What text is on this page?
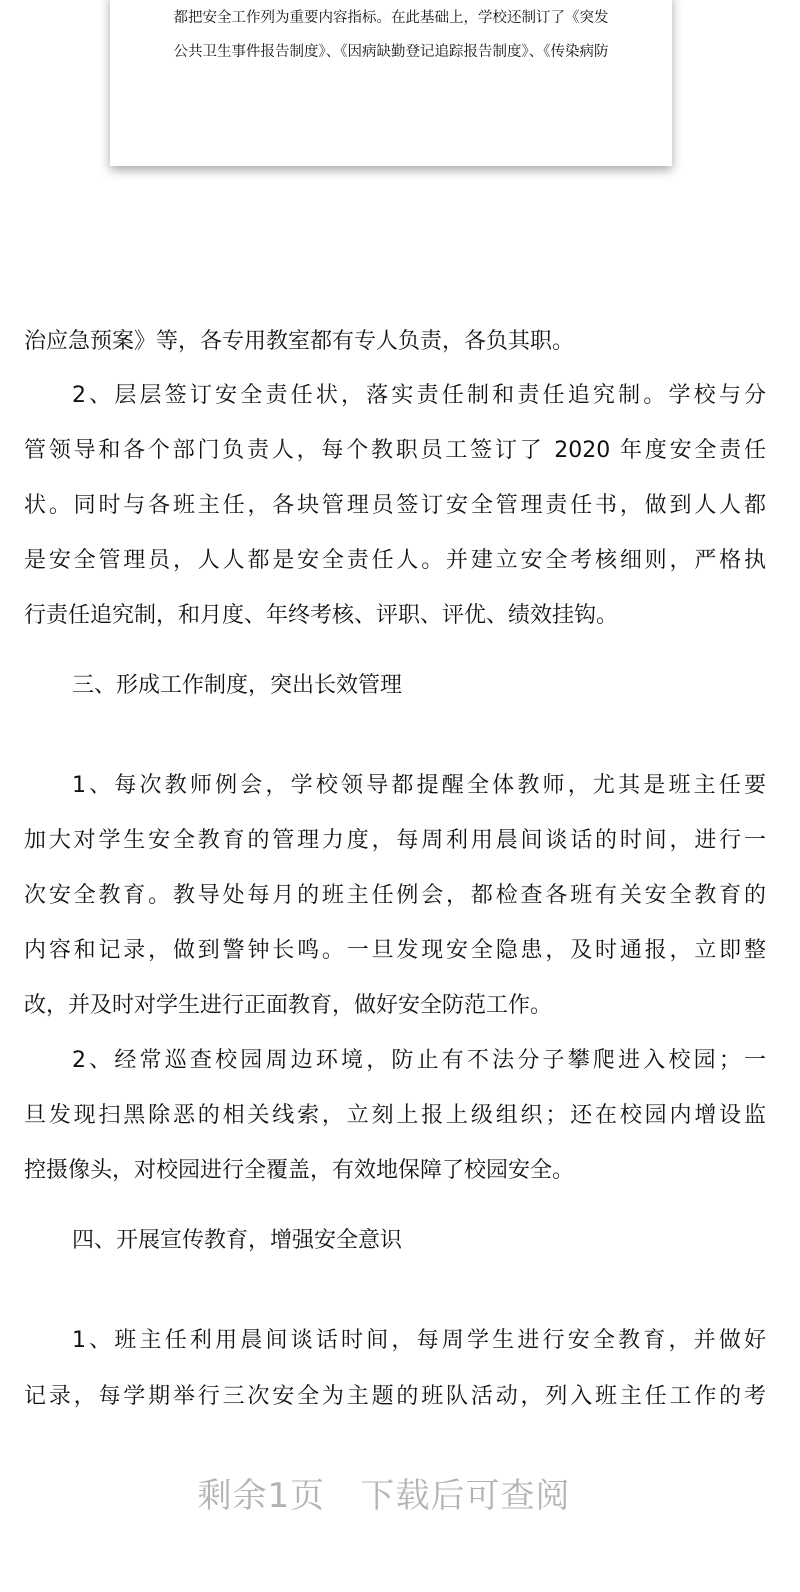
都把安全工作列为重要内容指标。在此基础上，学校还制订了《突发
公共卫生事件报告制度》、《因病缺勤登记追踪报告制度》、《传染病防
治应急预案》等，各专用教室都有专人负责，各负其职。
2、层层签订安全责任状，落实责任制和责任追究制。学校与分
管领导和各个部门负责人，每个教职员工签订了 2020 年度安全责任
状。同时与各班主任，各块管理员签订安全管理责任书，做到人人都
是安全管理员，人人都是安全责任人。并建立安全考核细则，严格执
行责任追究制，和月度、年终考核、评职、评优、绩效挂钩。
三、形成工作制度，突出长效管理
1、每次教师例会，学校领导都提醒全体教师，尤其是班主任要
加大对学生安全教育的管理力度，每周利用晨间谈话的时间，进行一
次安全教育。教导处每月的班主任例会，都检查各班有关安全教育的
内容和记录，做到警钟长鸣。一旦发现安全隐患，及时通报，立即整
改，并及时对学生进行正面教育，做好安全防范工作。
2、经常巡查校园周边环境，防止有不法分子攀爬进入校园；一
旦发现扫黑除恶的相关线索，立刻上报上级组织；还在校园内增设监
控摄像头，对校园进行全覆盖，有效地保障了校园安全。
四、开展宣传教育，增强安全意识
1、班主任利用晨间谈话时间，每周学生进行安全教育，并做好
记录，每学期举行三次安全为主题的班队活动，列入班主任工作的考
剩余1页   下载后可查阅
